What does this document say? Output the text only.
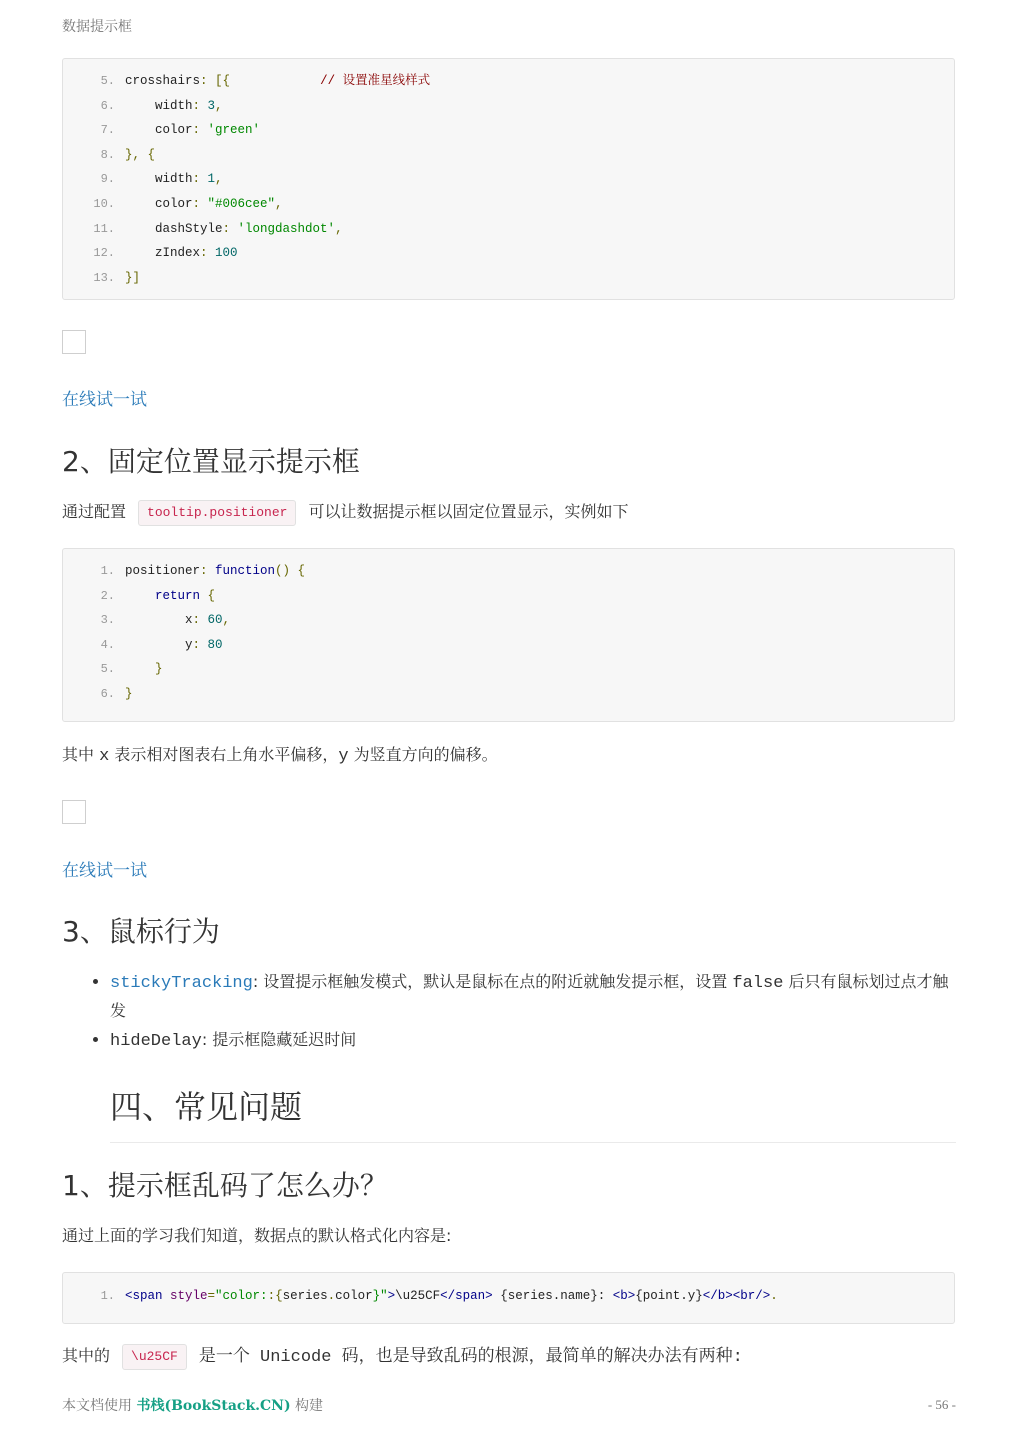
数据提示框
5. crosshairs: [{	// 设置准星线样式
6.    width: 3,
7.    color: 'green'
8. }, {
9.    width: 1,
10.    color: "#006cee",
11.    dashStyle: 'longdashdot',
12.    zIndex: 100
13. }]
在线试一试
2、固定位置显示提示框

通过配置 tooltip.positioner 可以让数据提示框以固定位置显示，实例如下

1. positioner: function() {
2.	return {
3.        x: 60,
4.        y: 80
5.    }
6. }

其中 x 表示相对图表右上角水平偏移，y 为竖直方向的偏移。

在线试一试
3、鼠标行为
• stickyTracking: 设置提示框触发模式，默认是鼠标在点的附近就触发提示框，设置 false 后只有鼠标划过点才触发
• hideDelay: 提示框隐藏延迟时间
四、常见问题
1、提示框乱码了怎么办？

通过上面的学习我们知道，数据点的默认格式化内容是:

1. <span style="color::{series.color}">\u25CF</span> {series.name}: <b>{point.y}</b><br/>.

其中的 \u25CF 是一个 Unicode 码，也是导致乱码的根源，最简单的解决办法有两种:

本文档使用 书栈(BookStack.CN) 构建	- 56 -
